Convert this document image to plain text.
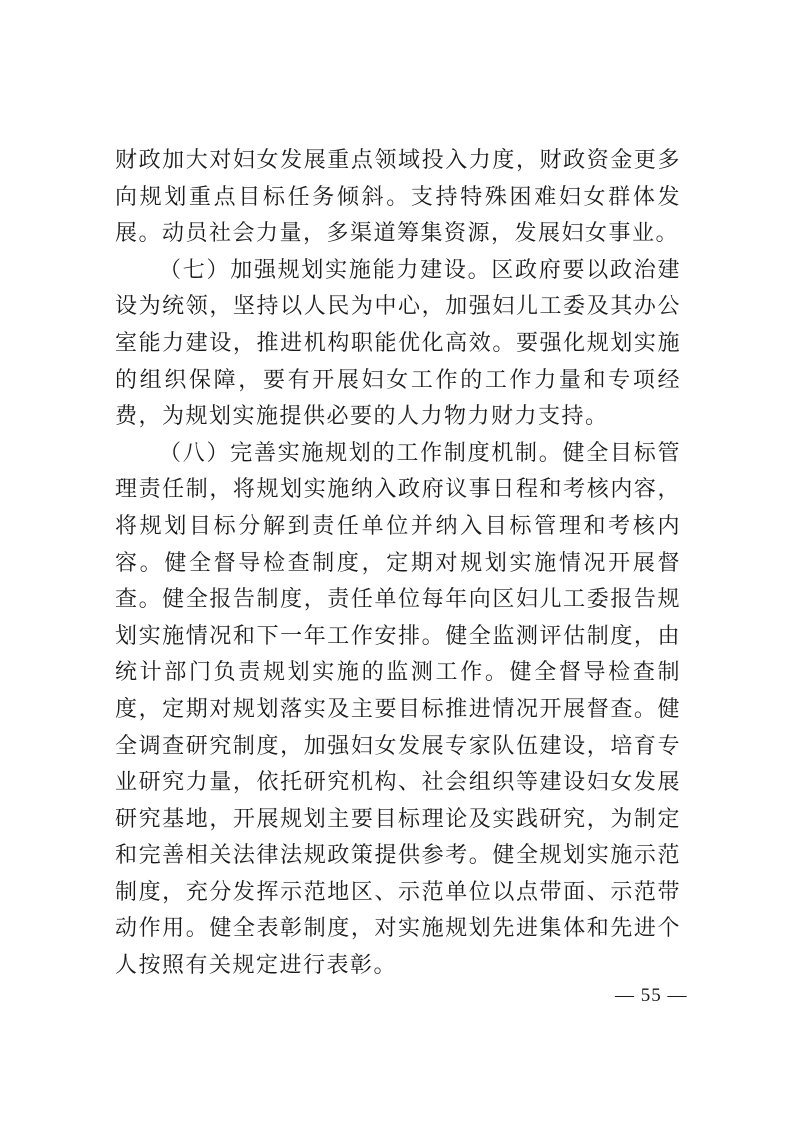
财政加大对妇女发展重点领域投入力度，财政资金更多向规划重点目标任务倾斜。支持特殊困难妇女群体发展。动员社会力量，多渠道筹集资源，发展妇女事业。

（七）加强规划实施能力建设。区政府要以政治建设为统领，坚持以人民为中心，加强妇儿工委及其办公室能力建设，推进机构职能优化高效。要强化规划实施的组织保障，要有开展妇女工作的工作力量和专项经费，为规划实施提供必要的人力物力财力支持。

（八）完善实施规划的工作制度机制。健全目标管理责任制，将规划实施纳入政府议事日程和考核内容，将规划目标分解到责任单位并纳入目标管理和考核内容。健全督导检查制度，定期对规划实施情况开展督查。健全报告制度，责任单位每年向区妇儿工委报告规划实施情况和下一年工作安排。健全监测评估制度，由统计部门负责规划实施的监测工作。健全督导检查制度，定期对规划落实及主要目标推进情况开展督查。健全调查研究制度，加强妇女发展专家队伍建设，培育专业研究力量，依托研究机构、社会组织等建设妇女发展研究基地，开展规划主要目标理论及实践研究，为制定和完善相关法律法规政策提供参考。健全规划实施示范制度，充分发挥示范地区、示范单位以点带面、示范带动作用。健全表彰制度，对实施规划先进集体和先进个人按照有关规定进行表彰。

— 55 —
